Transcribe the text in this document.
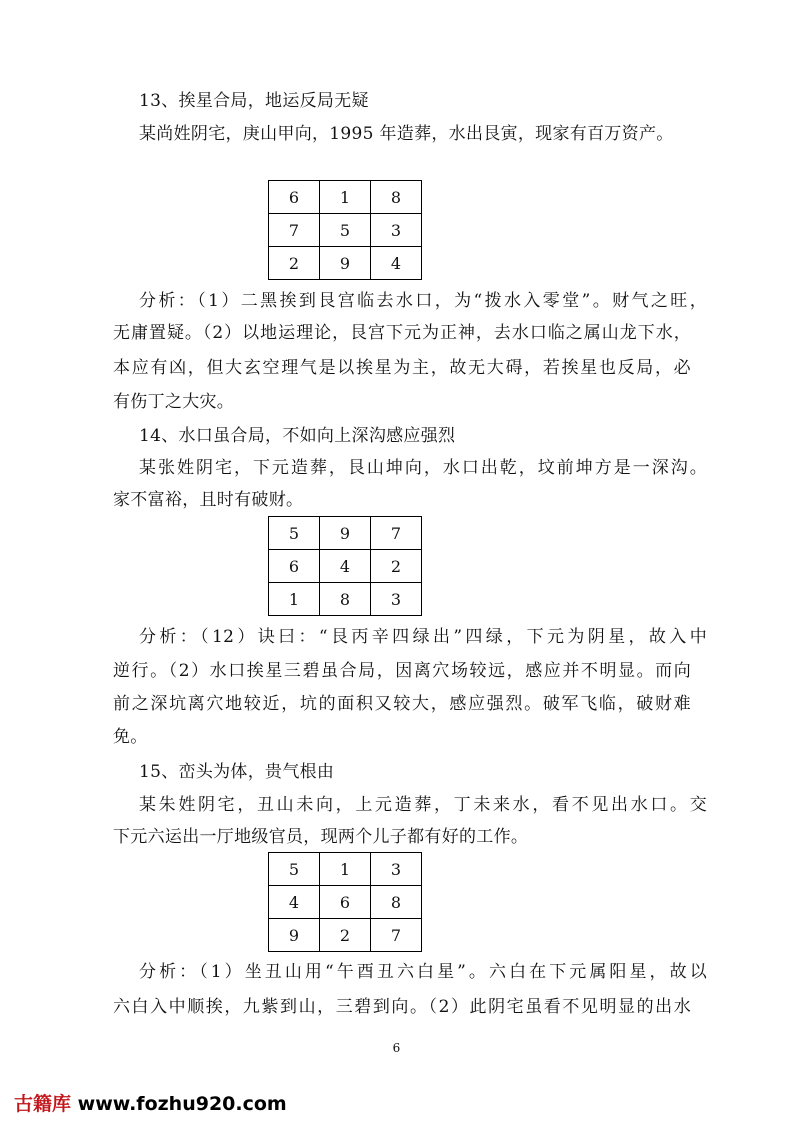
13、挨星合局，地运反局无疑
某尚姓阴宅，庚山甲向，1995 年造葬，水出艮寅，现家有百万资产。
6	1	8
7	5	3
2	9	4
分析：（1）二黑挨到艮宫临去水口，为“拨水入零堂”。财气之旺，
无庸置疑。（2）以地运理论，艮宫下元为正神，去水口临之属山龙下水，
本应有凶，但大玄空理气是以挨星为主，故无大碍，若挨星也反局，必
有伤丁之大灾。
14、水口虽合局，不如向上深沟感应强烈
某张姓阴宅，下元造葬，艮山坤向，水口出乾，坟前坤方是一深沟。
家不富裕，且时有破财。
5	9	7
6	4	2
1	8	3
分析：（12）诀曰：“艮丙辛四绿出”四绿，下元为阴星，故入中
逆行。（2）水口挨星三碧虽合局，因离穴场较远，感应并不明显。而向
前之深坑离穴地较近，坑的面积又较大，感应强烈。破军飞临，破财难
免。
15、峦头为体，贵气根由
某朱姓阴宅，丑山未向，上元造葬，丁未来水，看不见出水口。交
下元六运出一厅地级官员，现两个儿子都有好的工作。
5	1	3
4	6	8
9	2	7
分析：（1）坐丑山用“午酉丑六白星”。六白在下元属阳星，故以
六白入中顺挨，九紫到山，三碧到向。（2）此阴宅虽看不见明显的出水
6
古籍库 www.fozhu920.com
